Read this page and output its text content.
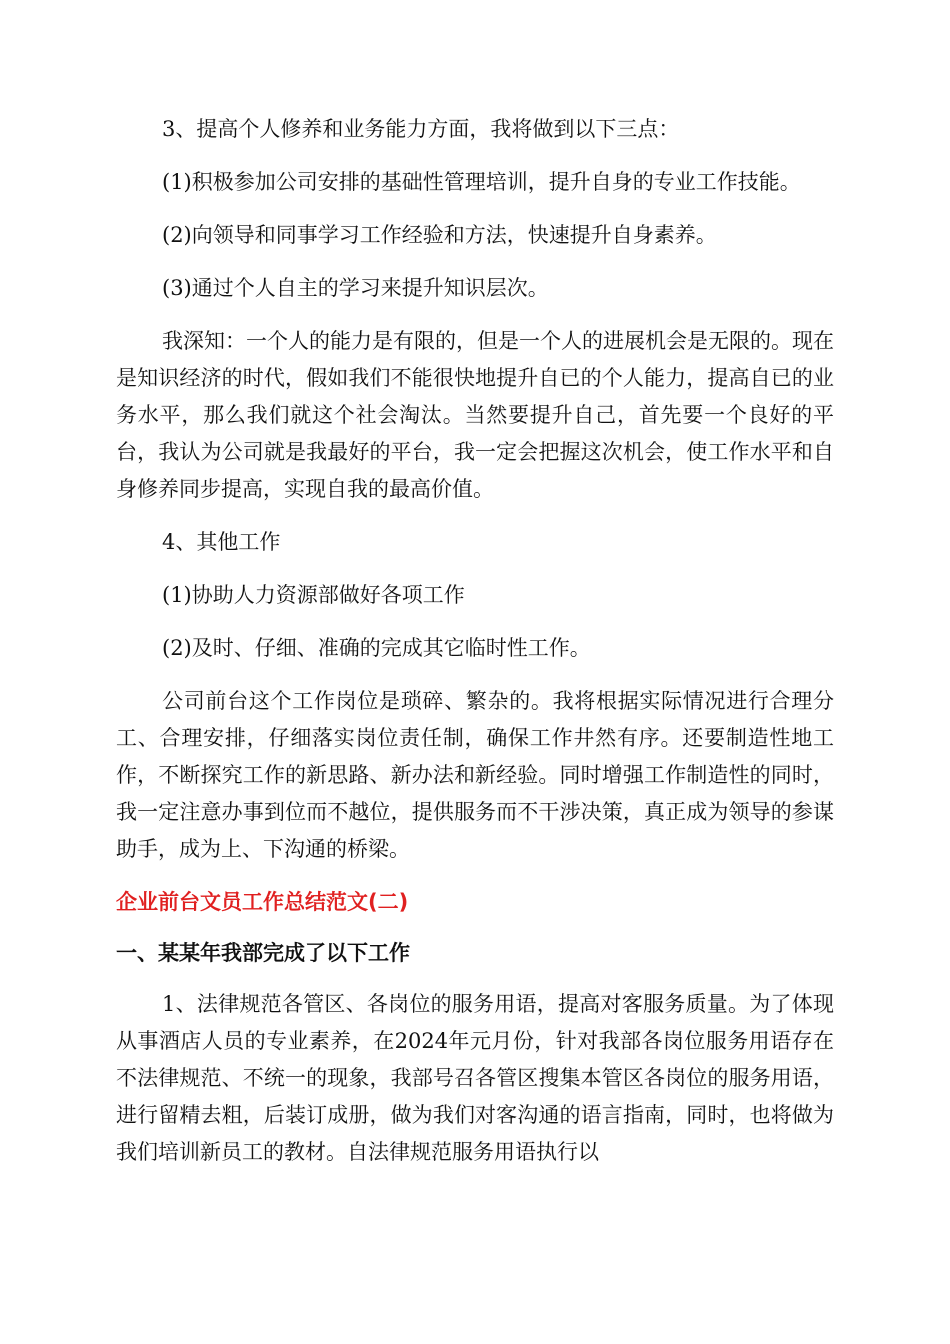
3、提高个人修养和业务能力方面，我将做到以下三点：

(1)积极参加公司安排的基础性管理培训，提升自身的专业工作技能。

(2)向领导和同事学习工作经验和方法，快速提升自身素养。

(3)通过个人自主的学习来提升知识层次。

我深知：一个人的能力是有限的，但是一个人的进展机会是无限的。现在是知识经济的时代，假如我们不能很快地提升自已的个人能力，提高自已的业务水平，那么我们就这个社会淘汰。当然要提升自己，首先要一个良好的平台，我认为公司就是我最好的平台，我一定会把握这次机会，使工作水平和自身修养同步提高，实现自我的最高价值。

4、其他工作

(1)协助人力资源部做好各项工作

(2)及时、仔细、准确的完成其它临时性工作。

公司前台这个工作岗位是琐碎、繁杂的。我将根据实际情况进行合理分工、合理安排，仔细落实岗位责任制，确保工作井然有序。还要制造性地工作，不断探究工作的新思路、新办法和新经验。同时增强工作制造性的同时，我一定注意办事到位而不越位，提供服务而不干涉决策，真正成为领导的参谋助手，成为上、下沟通的桥梁。

企业前台文员工作总结范文(二)
一、某某年我部完成了以下工作

1、法律规范各管区、各岗位的服务用语，提高对客服务质量。为了体现从事酒店人员的专业素养，在2024年元月份，针对我部各岗位服务用语存在不法律规范、不统一的现象，我部号召各管区搜集本管区各岗位的服务用语，进行留精去粗，后装订成册，做为我们对客沟通的语言指南，同时，也将做为我们培训新员工的教材。自法律规范服务用语执行以
